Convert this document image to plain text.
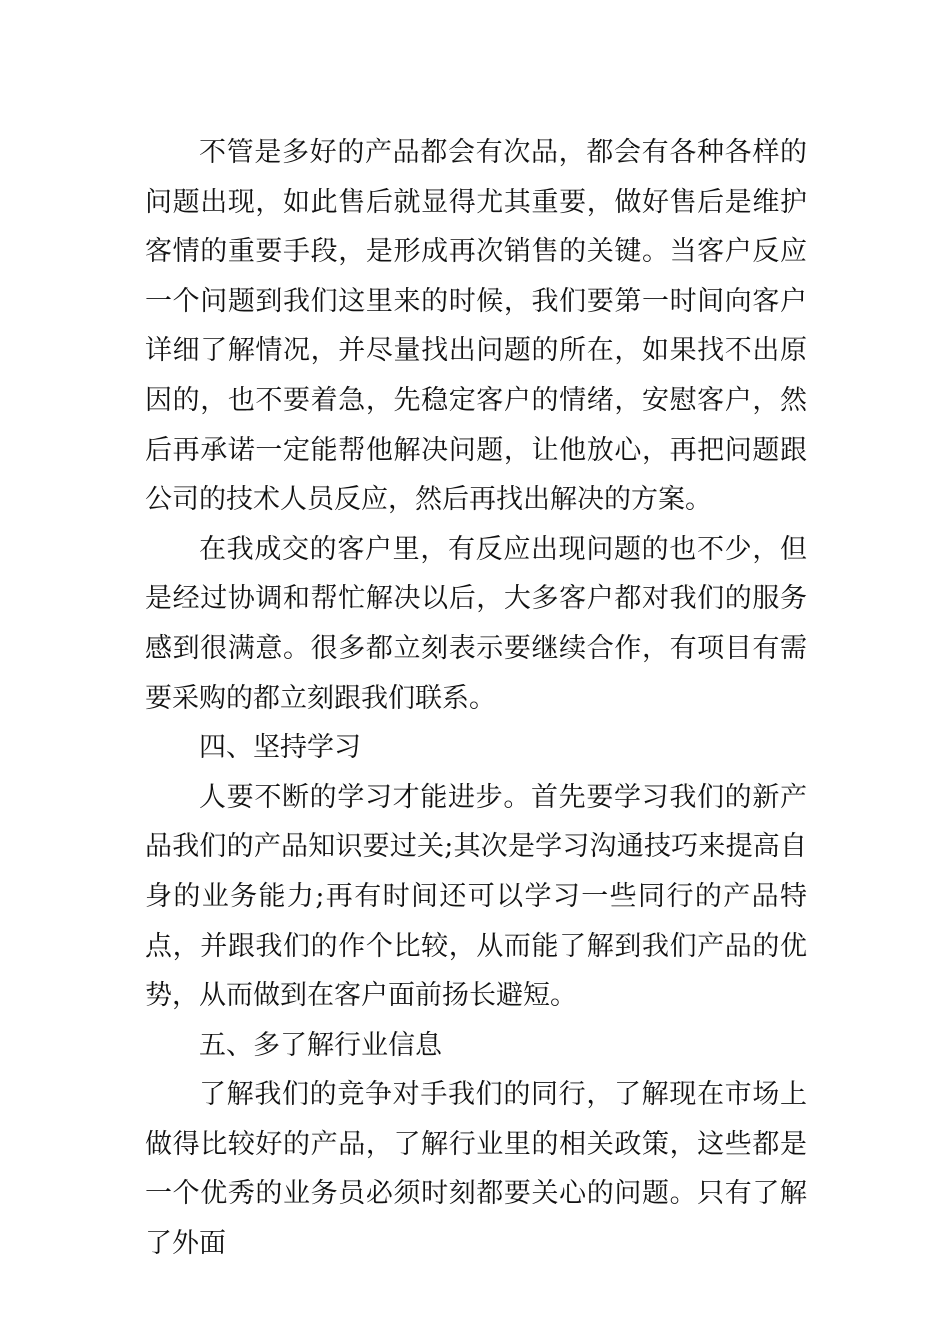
不管是多好的产品都会有次品，都会有各种各样的问题出现，如此售后就显得尤其重要，做好售后是维护客情的重要手段，是形成再次销售的关键。当客户反应一个问题到我们这里来的时候，我们要第一时间向客户详细了解情况，并尽量找出问题的所在，如果找不出原因的，也不要着急，先稳定客户的情绪，安慰客户，然后再承诺一定能帮他解决问题，让他放心，再把问题跟公司的技术人员反应，然后再找出解决的方案。

在我成交的客户里，有反应出现问题的也不少，但是经过协调和帮忙解决以后，大多客户都对我们的服务感到很满意。很多都立刻表示要继续合作，有项目有需要采购的都立刻跟我们联系。

四、坚持学习

人要不断的学习才能进步。首先要学习我们的新产品我们的产品知识要过关;其次是学习沟通技巧来提高自身的业务能力;再有时间还可以学习一些同行的产品特点，并跟我们的作个比较，从而能了解到我们产品的优势，从而做到在客户面前扬长避短。

五、多了解行业信息

了解我们的竞争对手我们的同行，了解现在市场上做得比较好的产品，了解行业里的相关政策，这些都是一个优秀的业务员必须时刻都要关心的问题。只有了解了外面
